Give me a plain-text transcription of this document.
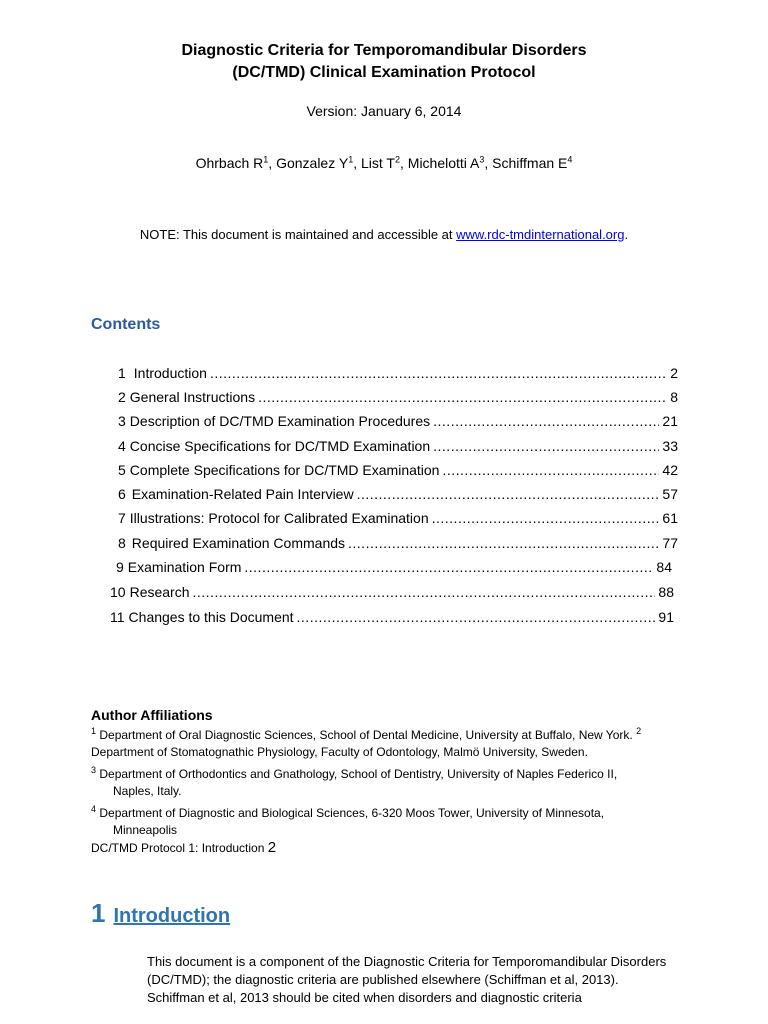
Diagnostic Criteria for Temporomandibular Disorders
(DC/TMD) Clinical Examination Protocol
Version: January 6, 2014
Ohrbach $R^1$, Gonzalez $Y^1$, List $T^2$, Michelotti $A^3$, Schiffman $E^4$
NOTE: This document is maintained and accessible at www.rdc-tmdinternational.org.
Contents
1 Introduction .....	2
2 General Instructions .....	8
3 Description of DC/TMD Examination Procedures .....	21
4 Concise Specifications for DC/TMD Examination .....	33
5 Complete Specifications for DC/TMD Examination .....	42
6 Examination-Related Pain Interview .....	57
7 Illustrations: Protocol for Calibrated Examination .....	61
8 Required Examination Commands .....	77
9 Examination Form .....	84
10 Research .....	88
11 Changes to this Document .....	91
Author Affiliations
$^1$ Department of Oral Diagnostic Sciences, School of Dental Medicine, University at Buffalo, New York. $^2$
Department of Stomatognathic Physiology, Faculty of Odontology, Malmö University, Sweden.
$^3$ Department of Orthodontics and Gnathology, School of Dentistry, University of Naples Federico II,
Naples, Italy.
$^4$ Department of Diagnostic and Biological Sciences, 6-320 Moos Tower, University of Minnesota,
Minneapolis
DC/TMD Protocol 1: Introduction 2
1 Introduction
This document is a component of the Diagnostic Criteria for Temporomandibular Disorders (DC/TMD); the diagnostic criteria are published elsewhere (Schiffman et al, 2013). Schiffman et al, 2013 should be cited when disorders and diagnostic criteria
